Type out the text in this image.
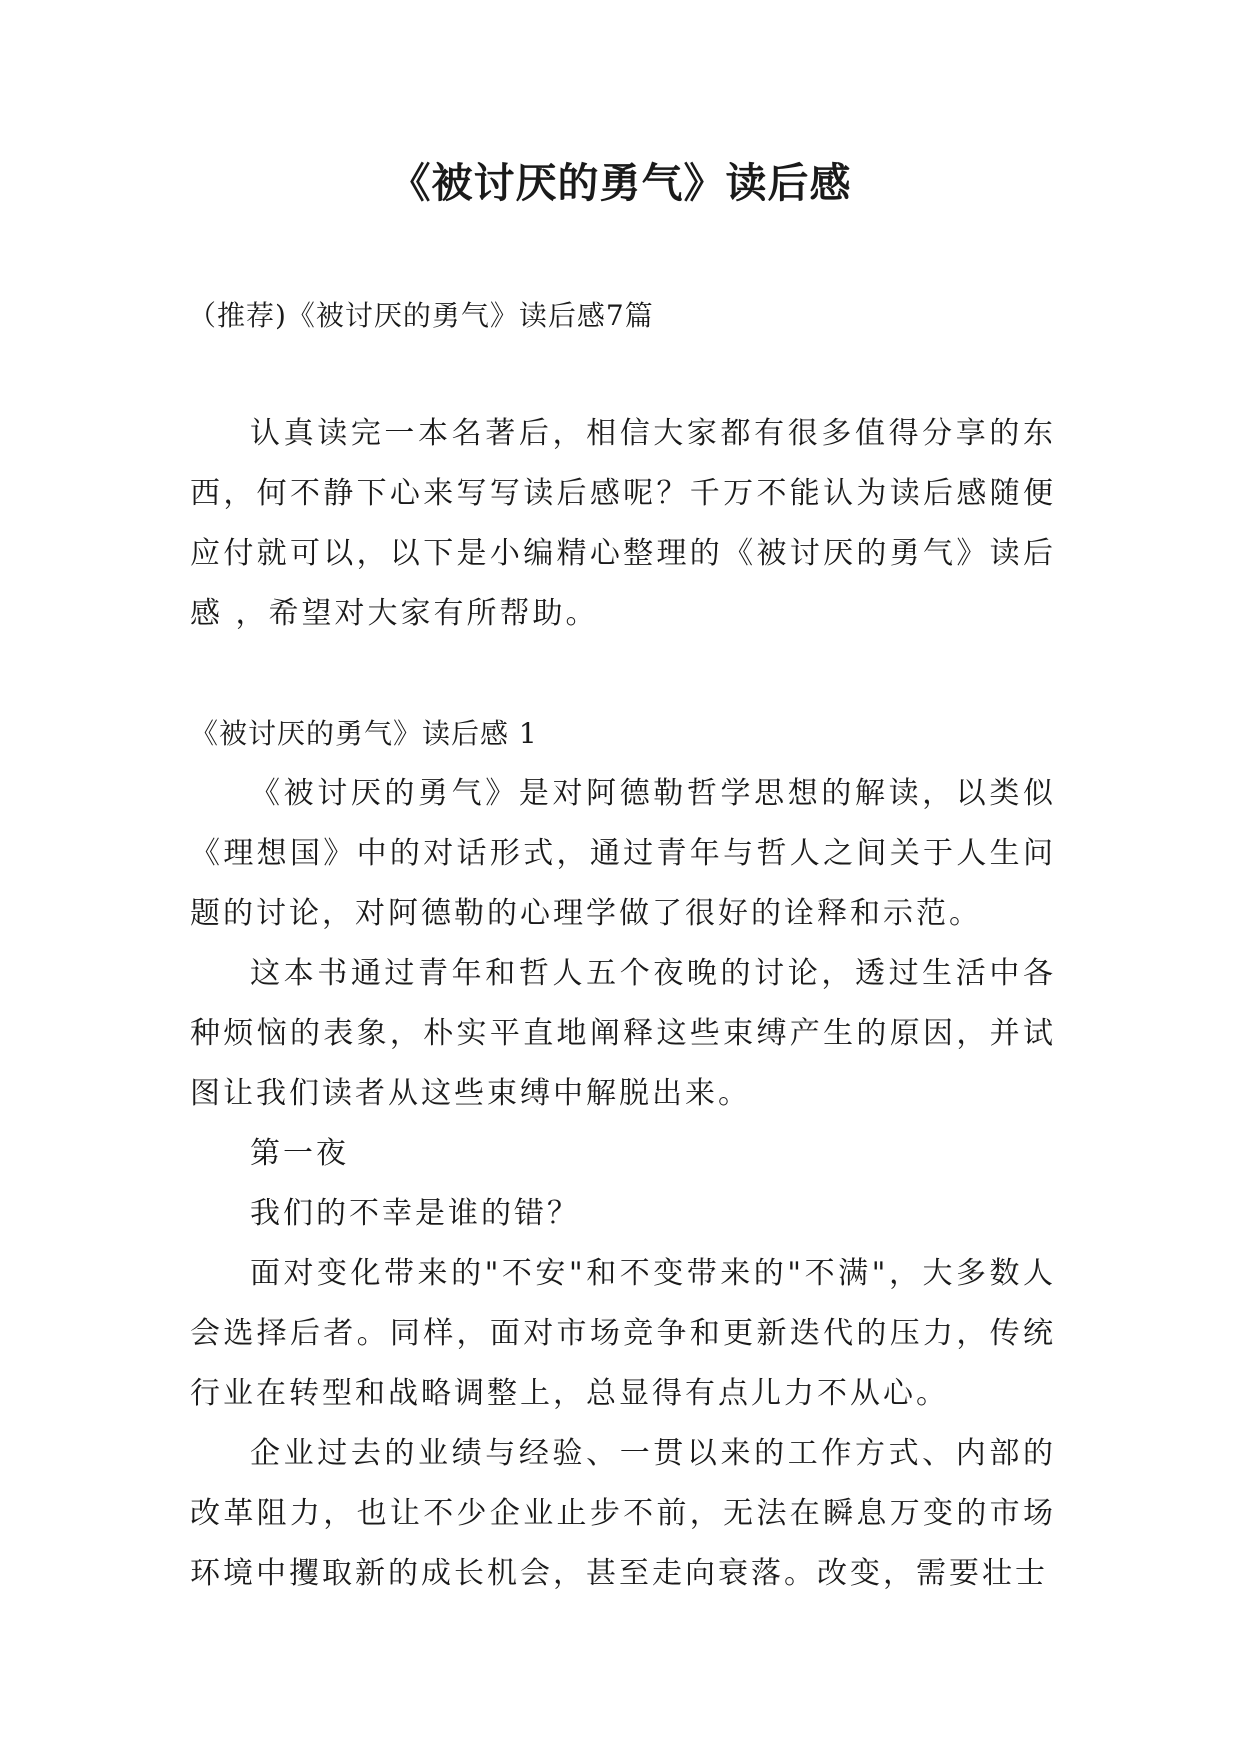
《被讨厌的勇气》读后感

（推荐)《被讨厌的勇气》读后感7篇

认真读完一本名著后，相信大家都有很多值得分享的东西，何不静下心来写写读后感呢？千万不能认为读后感随便应付就可以，以下是小编精心整理的《被讨厌的勇气》读后感 ，希望对大家有所帮助。

《被讨厌的勇气》读后感 1

《被讨厌的勇气》是对阿德勒哲学思想的解读，以类似《理想国》中的对话形式，通过青年与哲人之间关于人生问题的讨论，对阿德勒的心理学做了很好的诠释和示范。

这本书通过青年和哲人五个夜晚的讨论，透过生活中各种烦恼的表象，朴实平直地阐释这些束缚产生的原因，并试图让我们读者从这些束缚中解脱出来。

第一夜

我们的不幸是谁的错？

面对变化带来的"不安"和不变带来的"不满"，大多数人会选择后者。同样，面对市场竞争和更新迭代的压力，传统行业在转型和战略调整上，总显得有点儿力不从心。

企业过去的业绩与经验、一贯以来的工作方式、内部的改革阻力，也让不少企业止步不前，无法在瞬息万变的市场环境中攫取新的成长机会，甚至走向衰落。改变，需要壮士
